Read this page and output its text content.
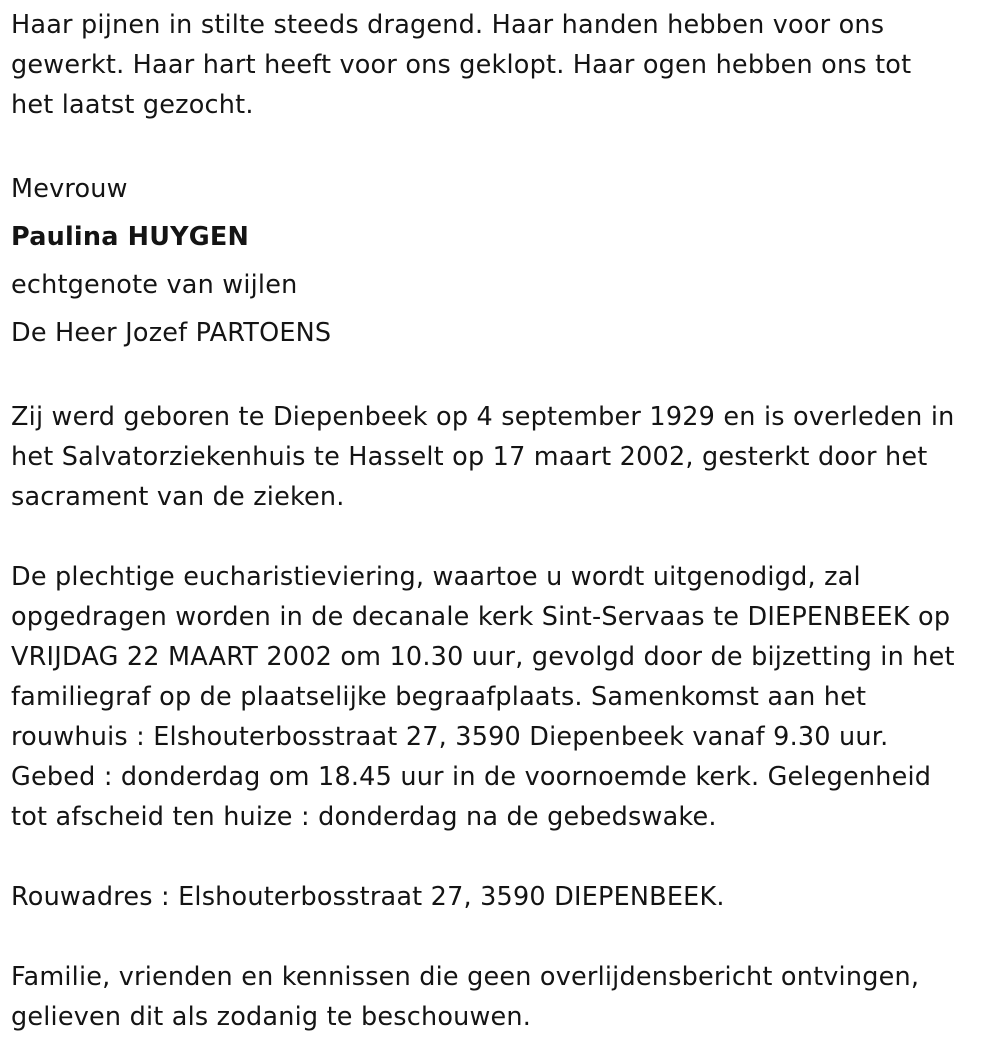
Haar pijnen in stilte steeds dragend. Haar handen hebben voor ons
gewerkt. Haar hart heeft voor ons geklopt. Haar ogen hebben ons tot
het laatst gezocht.
Mevrouw
Paulina HUYGEN
echtgenote van wijlen
De Heer Jozef PARTOENS
Zij werd geboren te Diepenbeek op 4 september 1929 en is overleden in
het Salvatorziekenhuis te Hasselt op 17 maart 2002, gesterkt door het
sacrament van de zieken.
De plechtige eucharistieviering, waartoe u wordt uitgenodigd, zal
opgedragen worden in de decanale kerk Sint-Servaas te DIEPENBEEK op
VRIJDAG 22 MAART 2002 om 10.30 uur, gevolgd door de bijzetting in het
familiegraf op de plaatselijke begraafplaats. Samenkomst aan het
rouwhuis : Elshouterbosstraat 27, 3590 Diepenbeek vanaf 9.30 uur.
Gebed : donderdag om 18.45 uur in de voornoemde kerk. Gelegenheid
tot afscheid ten huize : donderdag na de gebedswake.
Rouwadres : Elshouterbosstraat 27, 3590 DIEPENBEEK.
Familie, vrienden en kennissen die geen overlijdensbericht ontvingen,
gelieven dit als zodanig te beschouwen.
